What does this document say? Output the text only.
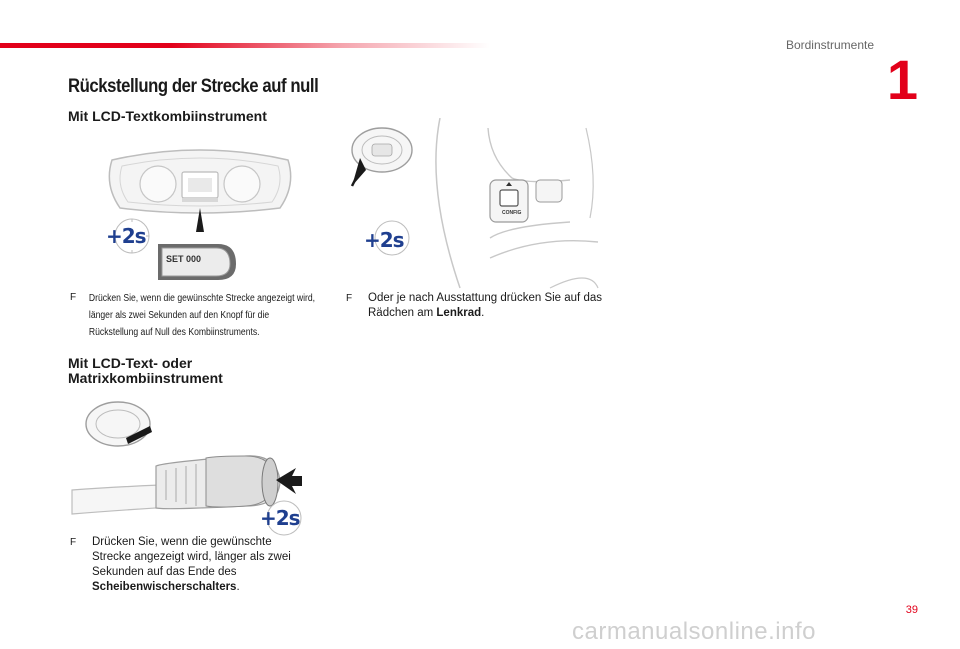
Bordinstrumente
1
Rückstellung der Strecke auf null
Mit LCD-Textkombiinstrument
+2s
SET 000
CONFIG
+2s
F	Drücken Sie, wenn die gewünschte Strecke angezeigt wird, länger als zwei Sekunden auf den Knopf für die Rückstellung auf Null des Kombiinstruments.
F	Oder je nach Ausstattung drücken Sie auf das Rädchen am Lenkrad.
Mit LCD-Text- oder
Matrixkombiinstrument
+2s
F	Drücken Sie, wenn die gewünschte Strecke angezeigt wird, länger als zwei Sekunden auf das Ende des Scheibenwischerschalters.
39
carmanualsonline.info
